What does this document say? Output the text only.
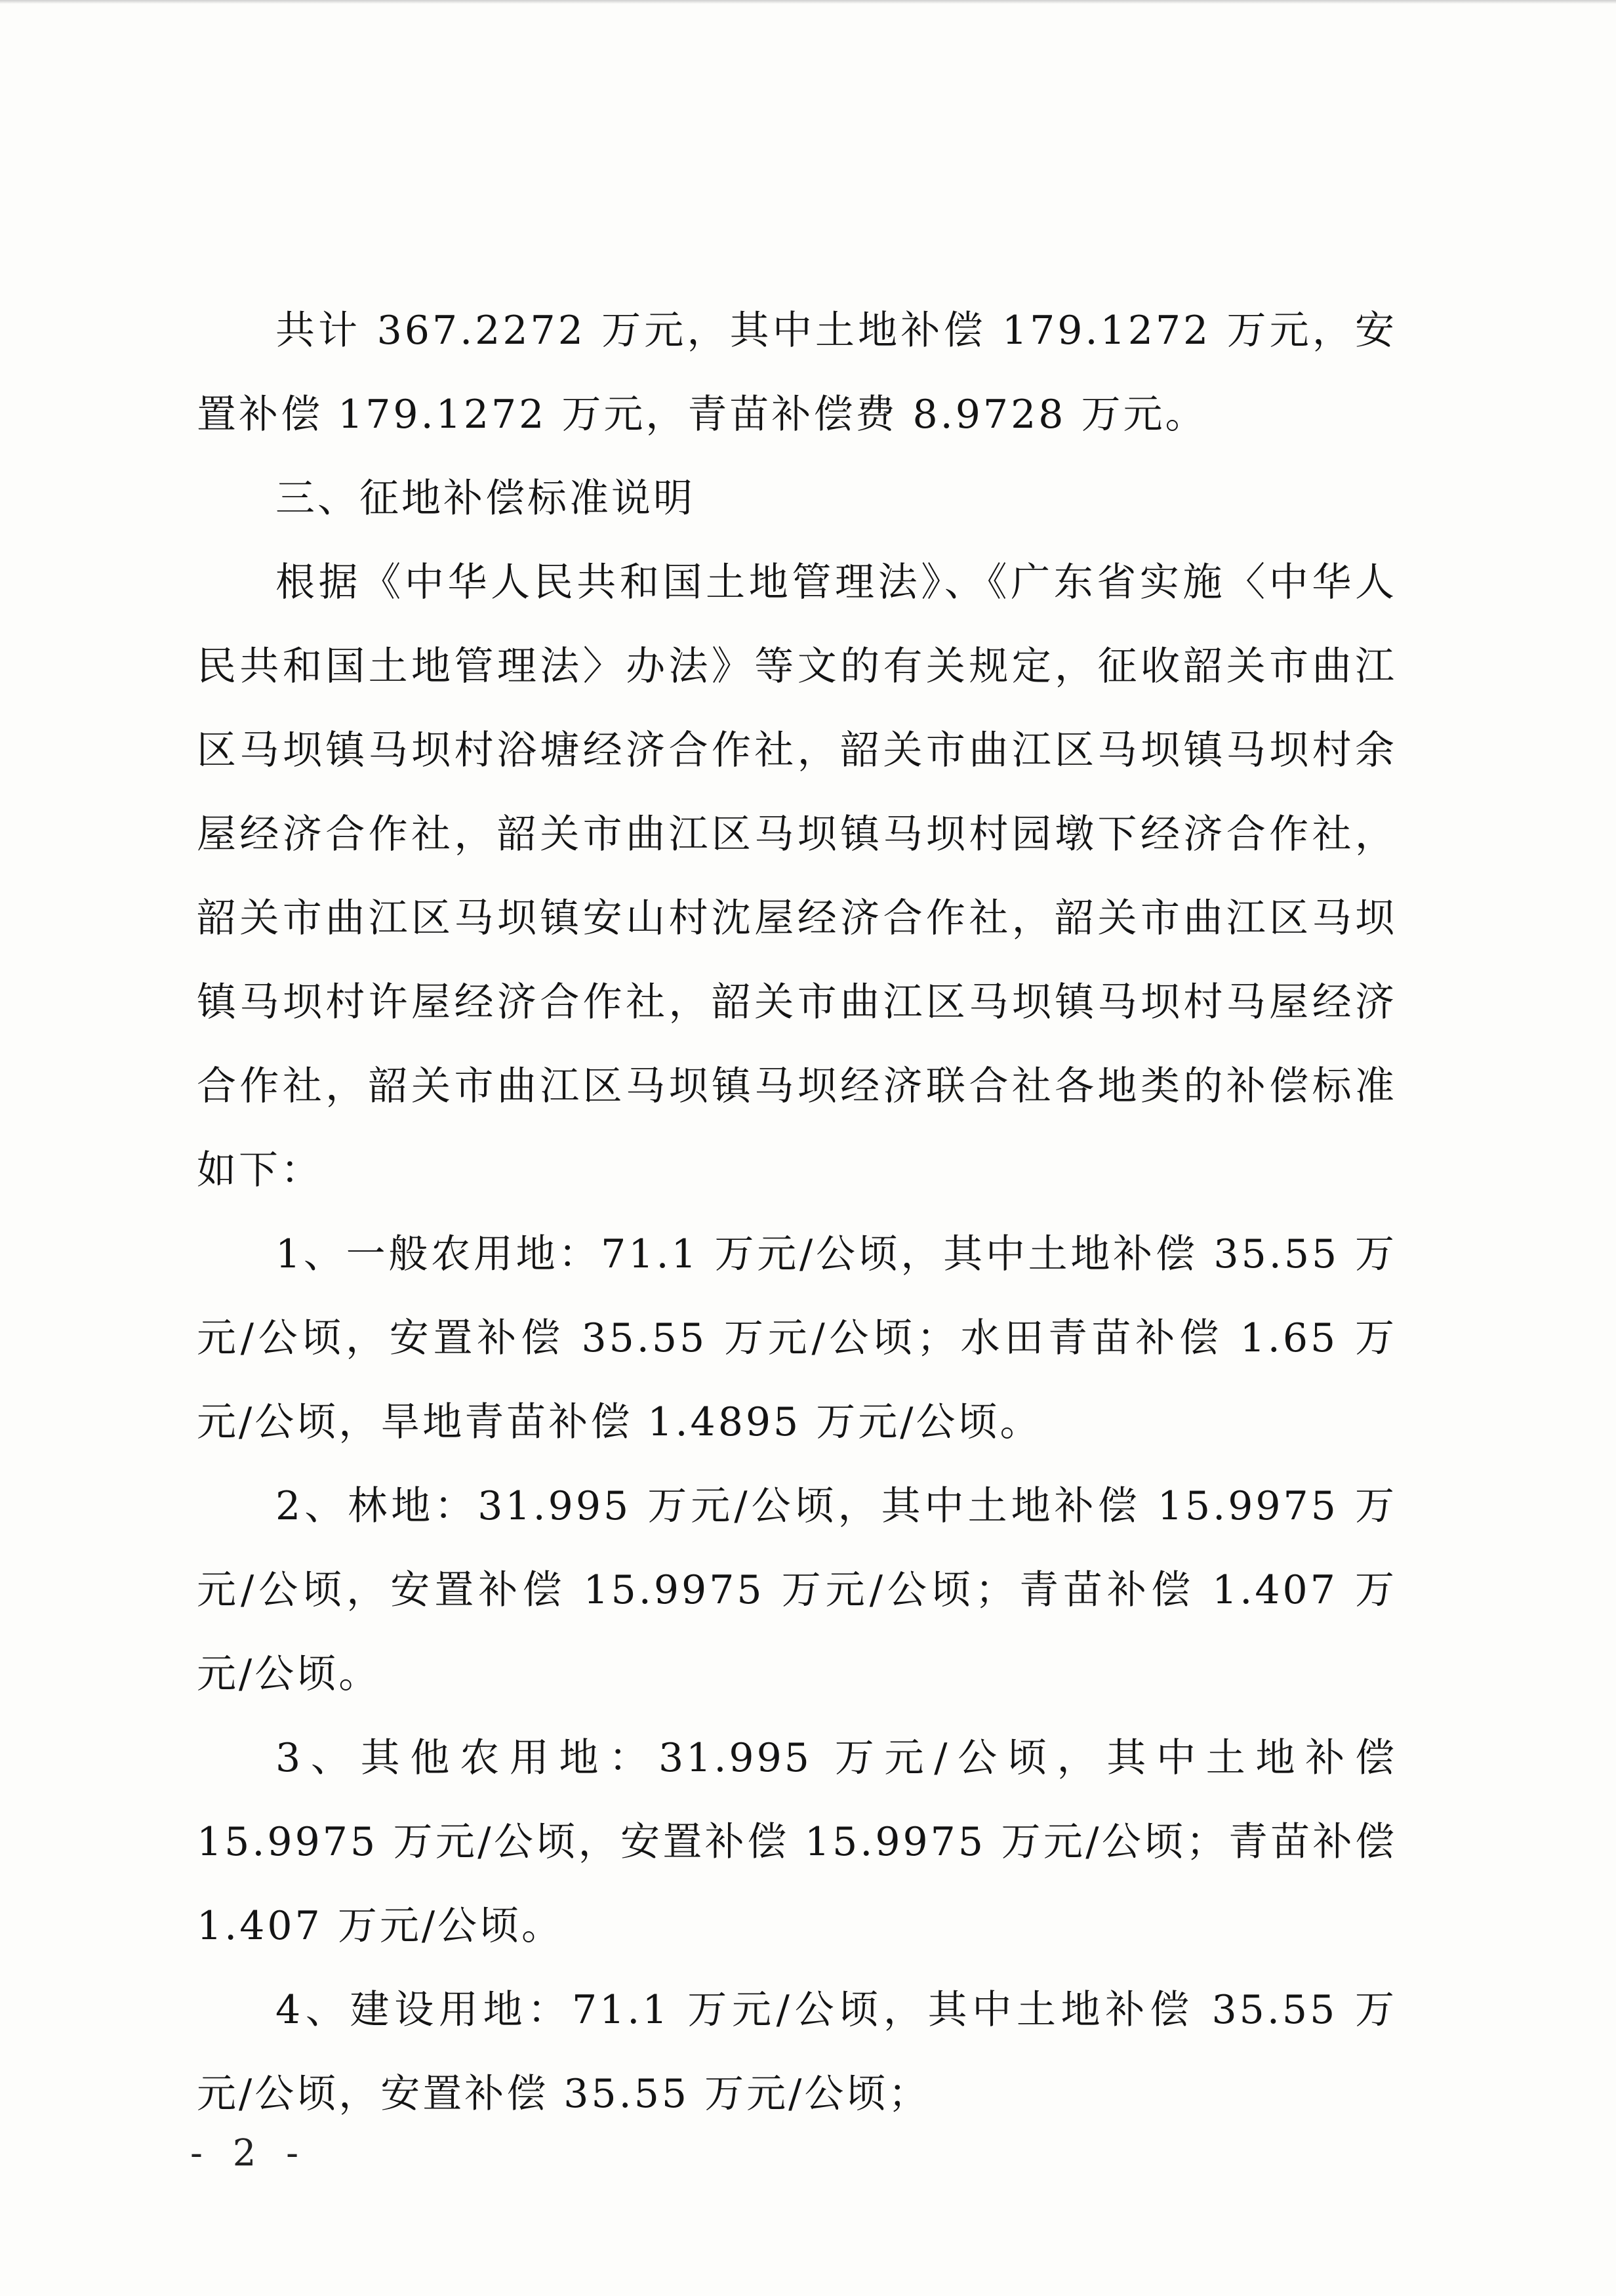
共计 367.2272 万元，其中土地补偿 179.1272 万元，安置补偿 179.1272 万元，青苗补偿费 8.9728 万元。

三、征地补偿标准说明

根据《中华人民共和国土地管理法》、《广东省实施〈中华人民共和国土地管理法〉办法》等文的有关规定，征收韶关市曲江区马坝镇马坝村浴塘经济合作社，韶关市曲江区马坝镇马坝村余屋经济合作社，韶关市曲江区马坝镇马坝村园墩下经济合作社，韶关市曲江区马坝镇安山村沈屋经济合作社，韶关市曲江区马坝镇马坝村许屋经济合作社，韶关市曲江区马坝镇马坝村马屋经济合作社，韶关市曲江区马坝镇马坝经济联合社各地类的补偿标准如下：

1、一般农用地：71.1 万元/公顷，其中土地补偿 35.55 万元/公顷，安置补偿 35.55 万元/公顷；水田青苗补偿 1.65 万元/公顷，旱地青苗补偿 1.4895 万元/公顷。

2、林地：31.995 万元/公顷，其中土地补偿 15.9975 万元/公顷，安置补偿 15.9975 万元/公顷；青苗补偿 1.407 万元/公顷。

3、其他农用地：31.995 万元/公顷，其中土地补偿 15.9975 万元/公顷，安置补偿 15.9975 万元/公顷；青苗补偿 1.407 万元/公顷。

4、建设用地：71.1 万元/公顷，其中土地补偿 35.55 万元/公顷，安置补偿 35.55 万元/公顷；

- 2 -
